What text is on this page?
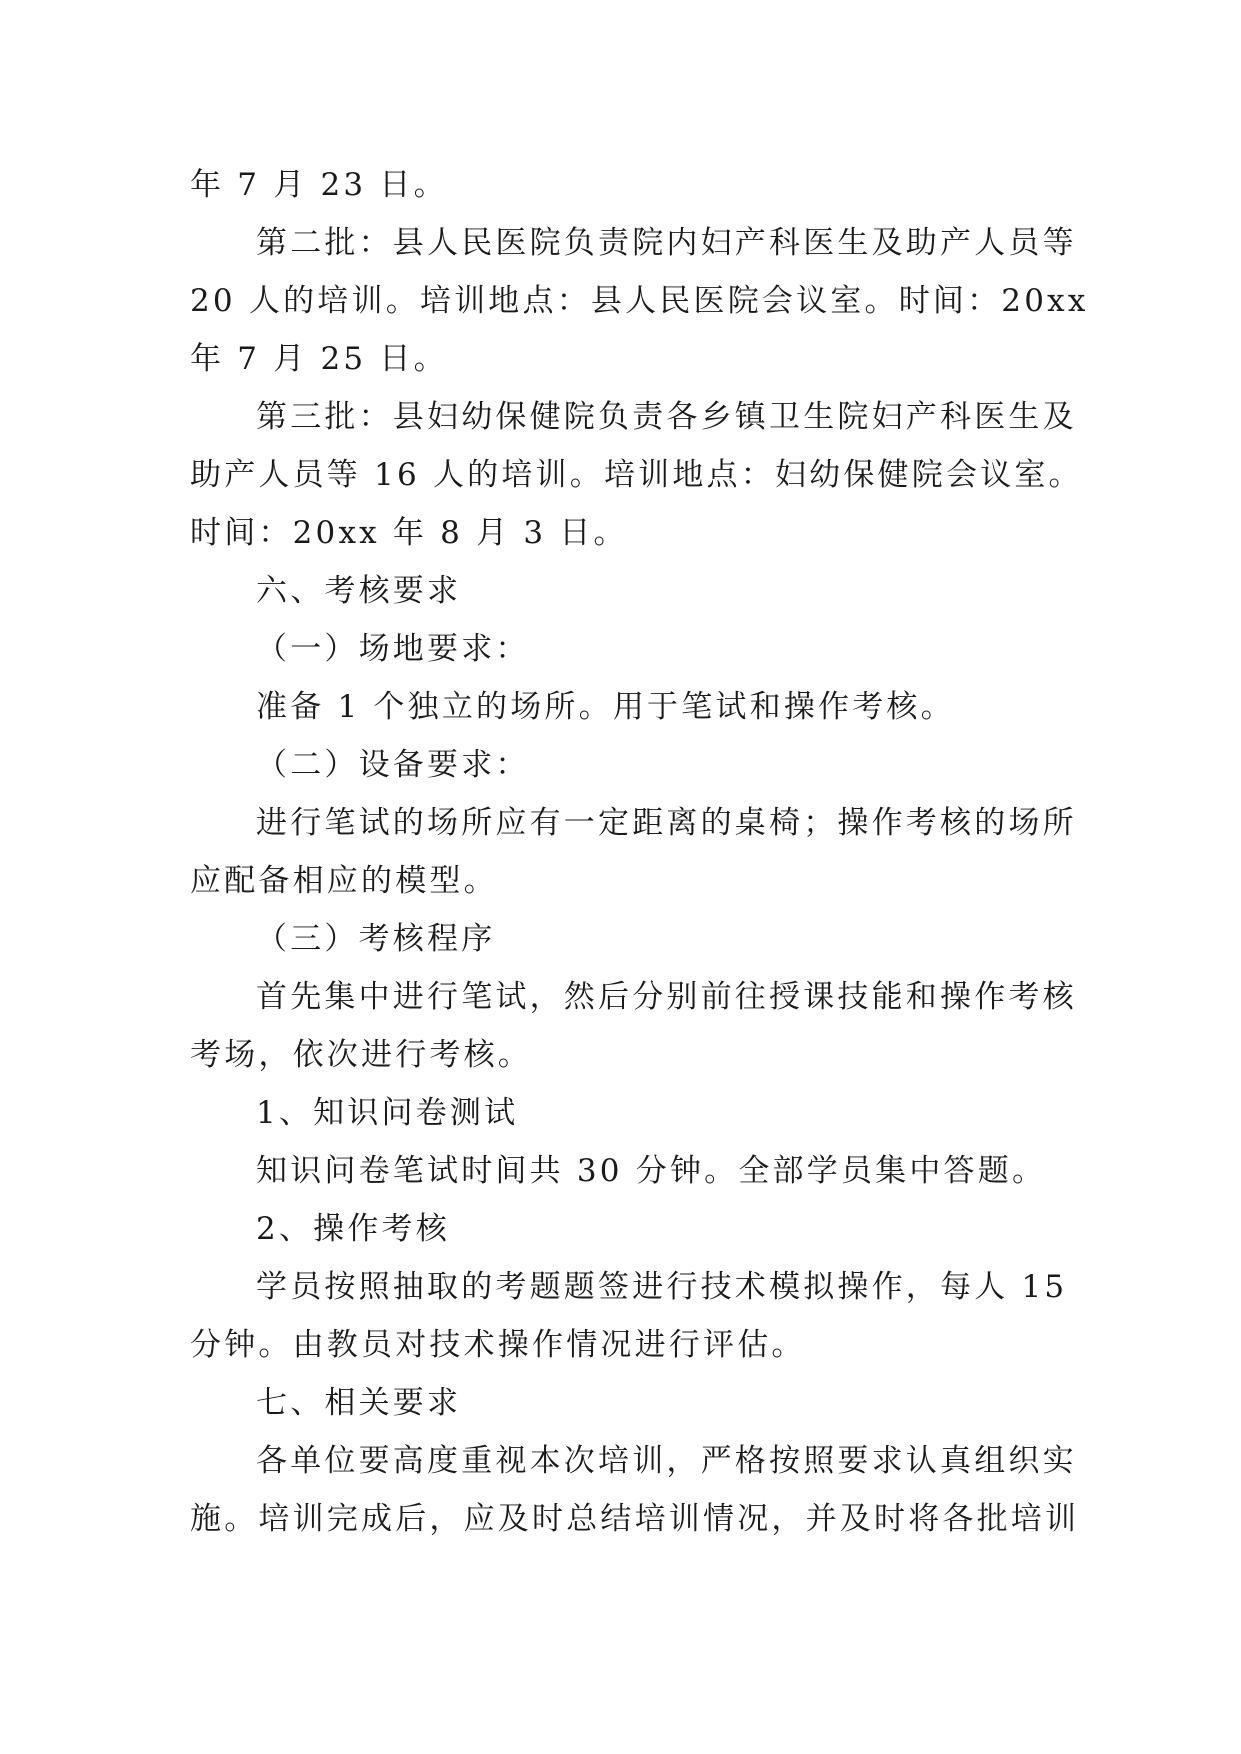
年 7 月 23 日。
第二批：县人民医院负责院内妇产科医生及助产人员等
20 人的培训。培训地点：县人民医院会议室。时间：20xx
年 7 月 25 日。
第三批：县妇幼保健院负责各乡镇卫生院妇产科医生及
助产人员等 16 人的培训。培训地点：妇幼保健院会议室。
时间：20xx 年 8 月 3 日。
六、考核要求
（一）场地要求：
准备 1 个独立的场所。用于笔试和操作考核。
（二）设备要求：
进行笔试的场所应有一定距离的桌椅；操作考核的场所
应配备相应的模型。
（三）考核程序
首先集中进行笔试，然后分别前往授课技能和操作考核
考场，依次进行考核。
1、知识问卷测试
知识问卷笔试时间共 30 分钟。全部学员集中答题。
2、操作考核
学员按照抽取的考题题签进行技术模拟操作，每人 15
分钟。由教员对技术操作情况进行评估。
七、相关要求
各单位要高度重视本次培训，严格按照要求认真组织实
施。培训完成后，应及时总结培训情况，并及时将各批培训
